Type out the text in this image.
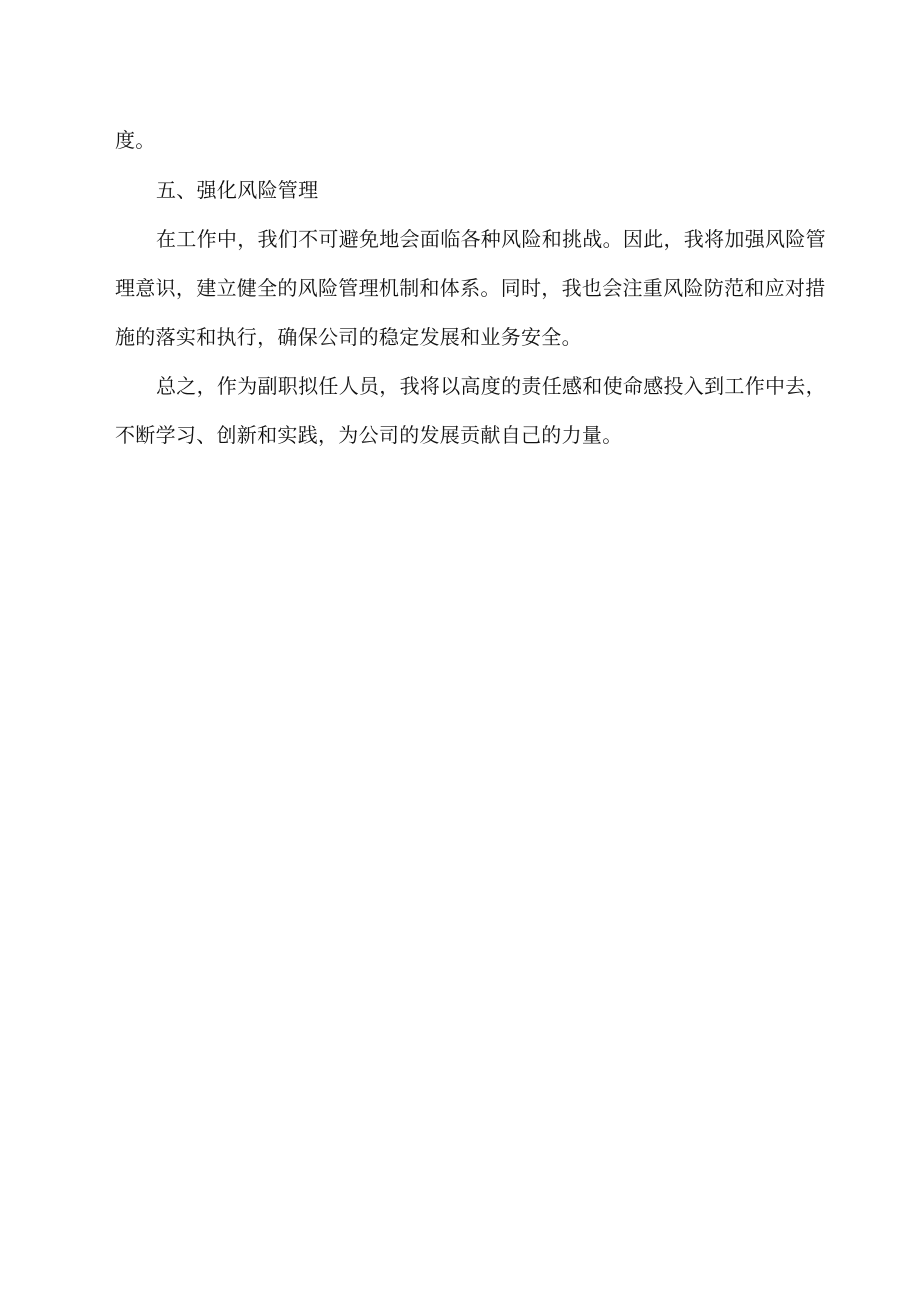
度。

五、强化风险管理

在工作中，我们不可避免地会面临各种风险和挑战。因此，我将加强风险管

理意识，建立健全的风险管理机制和体系。同时，我也会注重风险防范和应对措

施的落实和执行，确保公司的稳定发展和业务安全。

总之，作为副职拟任人员，我将以高度的责任感和使命感投入到工作中去，

不断学习、创新和实践，为公司的发展贡献自己的力量。
